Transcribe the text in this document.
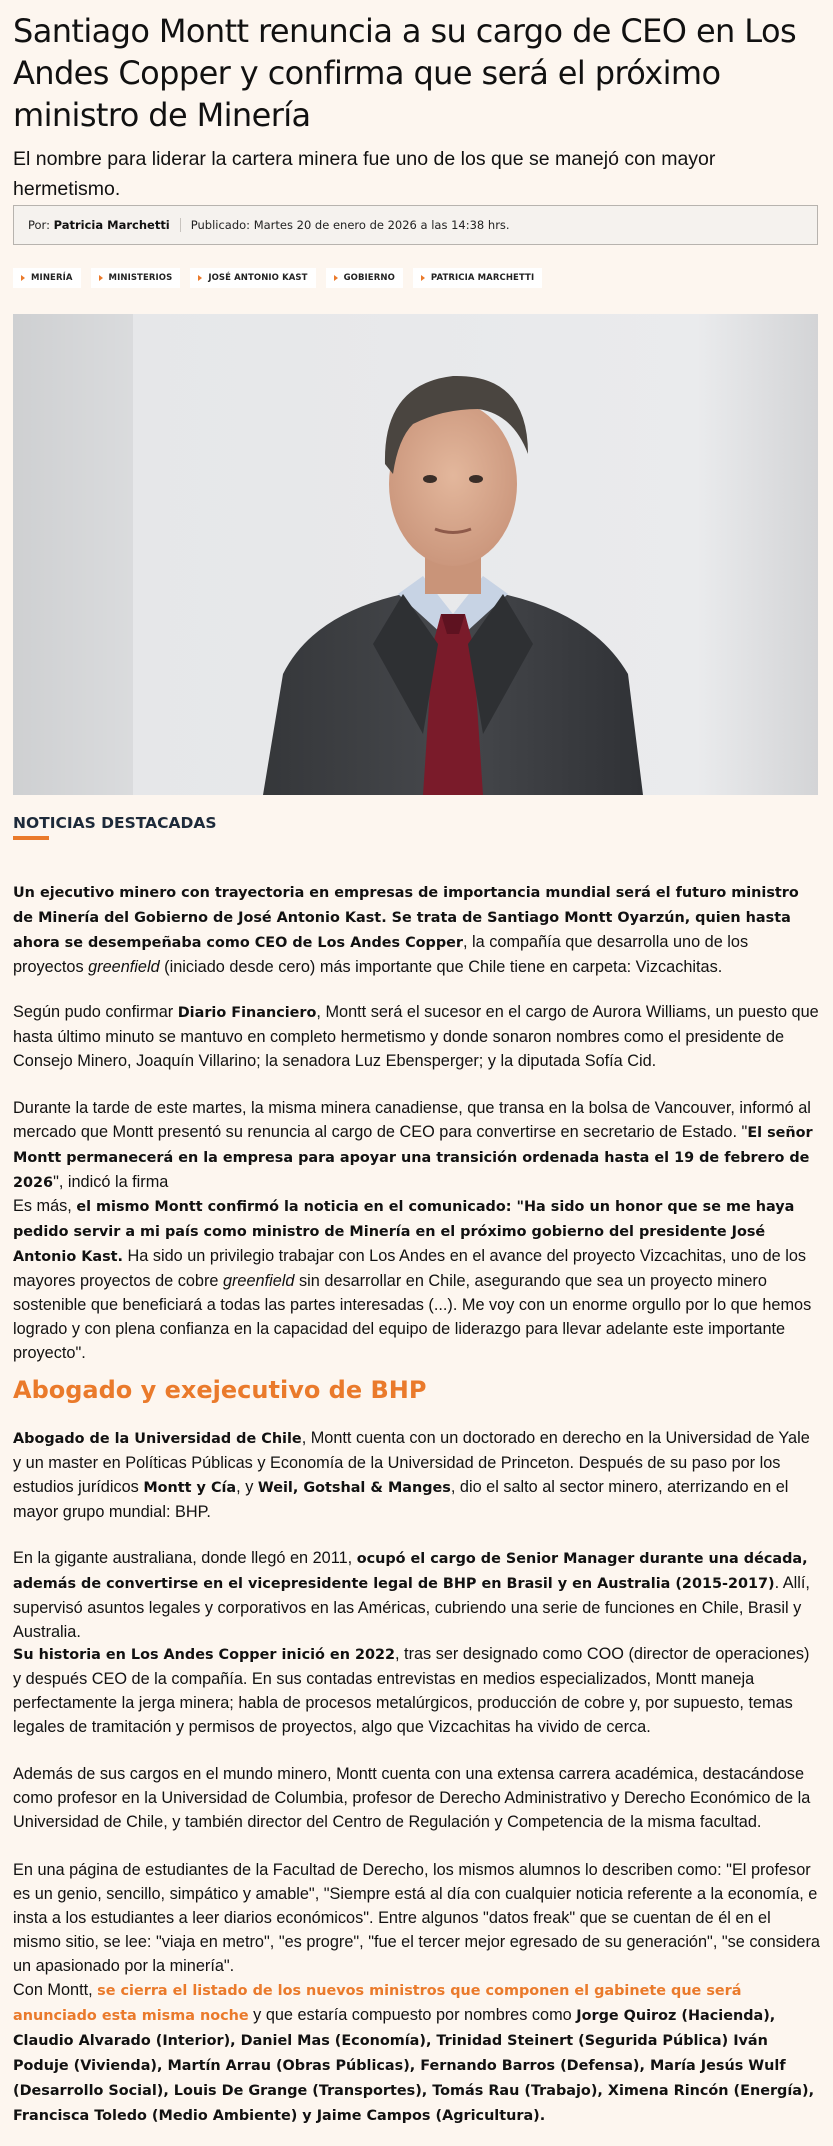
Santiago Montt renuncia a su cargo de CEO en Los Andes Copper y confirma que será el próximo ministro de Minería

El nombre para liderar la cartera minera fue uno de los que se manejó con mayor hermetismo.

Por: Patricia Marchetti	Publicado: Martes 20 de enero de 2026 a las 14:38 hrs.
MINERÍA	MINISTERIOS	JOSÉ ANTONIO KAST	GOBIERNO	PATRICIA MARCHETTI
NOTICIAS DESTACADAS

Un ejecutivo minero con trayectoria en empresas de importancia mundial será el futuro ministro de Minería del Gobierno de José Antonio Kast. Se trata de Santiago Montt Oyarzún, quien hasta ahora se desempeñaba como CEO de Los Andes Copper, la compañía que desarrolla uno de los proyectos greenfield (iniciado desde cero) más importante que Chile tiene en carpeta: Vizcachitas.

Según pudo confirmar Diario Financiero, Montt será el sucesor en el cargo de Aurora Williams, un puesto que hasta último minuto se mantuvo en completo hermetismo y donde sonaron nombres como el presidente de Consejo Minero, Joaquín Villarino; la senadora Luz Ebensperger; y la diputada Sofía Cid.

Durante la tarde de este martes, la misma minera canadiense, que transa en la bolsa de Vancouver, informó al mercado que Montt presentó su renuncia al cargo de CEO para convertirse en secretario de Estado. "El señor Montt permanecerá en la empresa para apoyar una transición ordenada hasta el 19 de febrero de 2026", indicó la firma

Es más, el mismo Montt confirmó la noticia en el comunicado: "Ha sido un honor que se me haya pedido servir a mi país como ministro de Minería en el próximo gobierno del presidente José Antonio Kast. Ha sido un privilegio trabajar con Los Andes en el avance del proyecto Vizcachitas, uno de los mayores proyectos de cobre greenfield sin desarrollar en Chile, asegurando que sea un proyecto minero sostenible que beneficiará a todas las partes interesadas (...). Me voy con un enorme orgullo por lo que hemos logrado y con plena confianza en la capacidad del equipo de liderazgo para llevar adelante este importante proyecto".

Abogado y exejecutivo de BHP

Abogado de la Universidad de Chile, Montt cuenta con un doctorado en derecho en la Universidad de Yale y un master en Políticas Públicas y Economía de la Universidad de Princeton. Después de su paso por los estudios jurídicos Montt y Cía, y Weil, Gotshal & Manges, dio el salto al sector minero, aterrizando en el mayor grupo mundial: BHP.

En la gigante australiana, donde llegó en 2011, ocupó el cargo de Senior Manager durante una década, además de convertirse en el vicepresidente legal de BHP en Brasil y en Australia (2015-2017). Allí, supervisó asuntos legales y corporativos en las Américas, cubriendo una serie de funciones en Chile, Brasil y Australia.

Su historia en Los Andes Copper inició en 2022, tras ser designado como COO (director de operaciones) y después CEO de la compañía. En sus contadas entrevistas en medios especializados, Montt maneja perfectamente la jerga minera; habla de procesos metalúrgicos, producción de cobre y, por supuesto, temas legales de tramitación y permisos de proyectos, algo que Vizcachitas ha vivido de cerca.

Además de sus cargos en el mundo minero, Montt cuenta con una extensa carrera académica, destacándose como profesor en la Universidad de Columbia, profesor de Derecho Administrativo y Derecho Económico de la Universidad de Chile, y también director del Centro de Regulación y Competencia de la misma facultad.

En una página de estudiantes de la Facultad de Derecho, los mismos alumnos lo describen como: "El profesor es un genio, sencillo, simpático y amable", "Siempre está al día con cualquier noticia referente a la economía, e insta a los estudiantes a leer diarios económicos". Entre algunos "datos freak" que se cuentan de él en el mismo sitio, se lee: "viaja en metro", "es progre", "fue el tercer mejor egresado de su generación", "se considera un apasionado por la minería".

Con Montt, se cierra el listado de los nuevos ministros que componen el gabinete que será anunciado esta misma noche y que estaría compuesto por nombres como Jorge Quiroz (Hacienda), Claudio Alvarado (Interior), Daniel Mas (Economía), Trinidad Steinert (Segurida Pública) Iván Poduje (Vivienda), Martín Arrau (Obras Públicas), Fernando Barros (Defensa), María Jesús Wulf (Desarrollo Social), Louis De Grange (Transportes), Tomás Rau (Trabajo), Ximena Rincón (Energía), Francisca Toledo (Medio Ambiente) y Jaime Campos (Agricultura).
